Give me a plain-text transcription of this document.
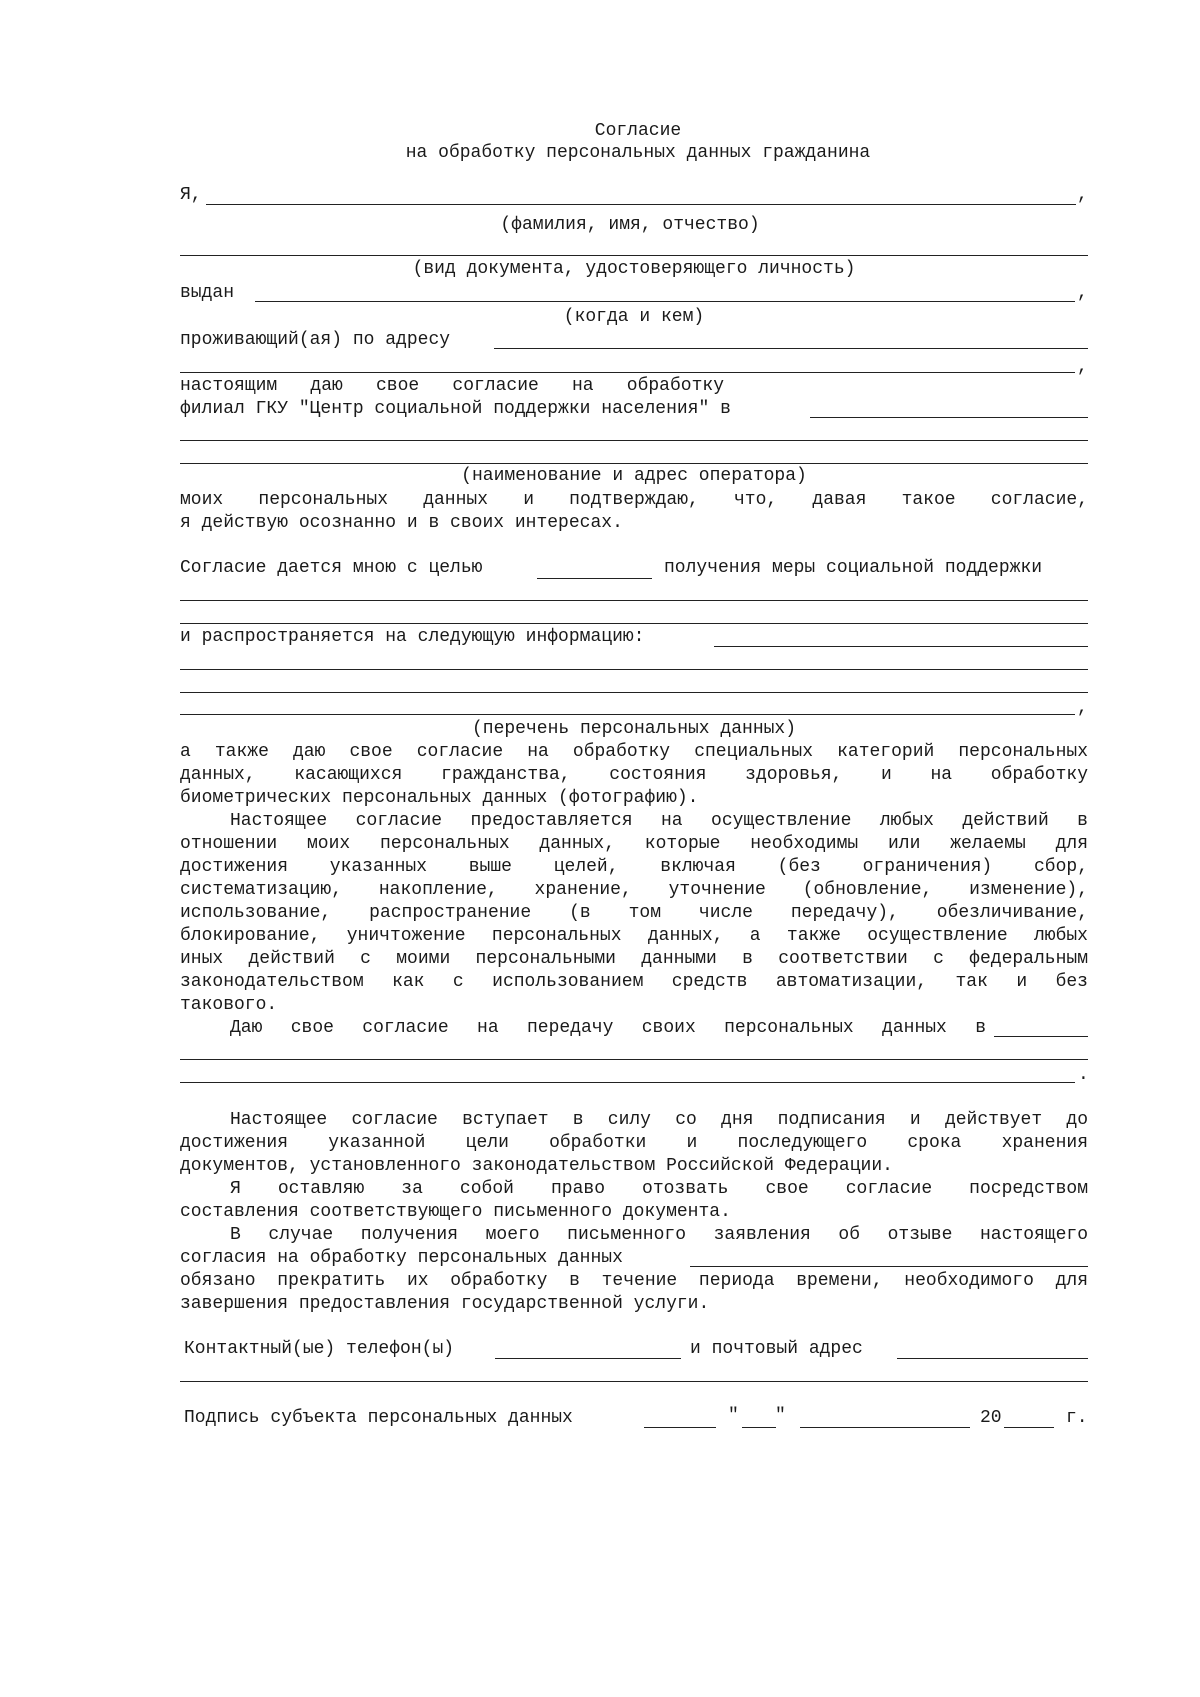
Согласие
на обработку персональных данных гражданина
Я,	,
(фамилия, имя, отчество)
(вид документа, удостоверяющего личность)
выдан	,
(когда и кем)
проживающий(ая) по адресу
,
настоящим даю свое согласие на обработку
филиал ГКУ "Центр социальной поддержки населения" в
(наименование и адрес оператора)
моих персональных данных и подтверждаю, что, давая такое согласие,
я действую осознанно и в своих интересах.
Согласие дается мною с целью	получения меры социальной поддержки
и распространяется на следующую информацию:
,
(перечень персональных данных)
а также даю свое согласие на обработку специальных категорий персональных
данных, касающихся гражданства, состояния здоровья, и на обработку
биометрических персональных данных (фотографию).
Настоящее согласие предоставляется на осуществление любых действий в
отношении моих персональных данных, которые необходимы или желаемы для
достижения указанных выше целей, включая (без ограничения) сбор,
систематизацию, накопление, хранение, уточнение (обновление, изменение),
использование, распространение (в том числе передачу), обезличивание,
блокирование, уничтожение персональных данных, а также осуществление любых
иных действий с моими персональными данными в соответствии с федеральным
законодательством как с использованием средств автоматизации, так и без
такового.
Даю свое согласие на передачу своих персональных данных в
.
Настоящее согласие вступает в силу со дня подписания и действует до
достижения указанной цели обработки и последующего срока хранения
документов, установленного законодательством Российской Федерации.
Я оставляю за собой право отозвать свое согласие посредством
составления соответствующего письменного документа.
В случае получения моего письменного заявления об отзыве настоящего
согласия на обработку персональных данных
обязано прекратить их обработку в течение периода времени, необходимого для
завершения предоставления государственной услуги.
Контактный(ые) телефон(ы)	и почтовый адрес
Подпись субъекта персональных данных	" "	20	г.
